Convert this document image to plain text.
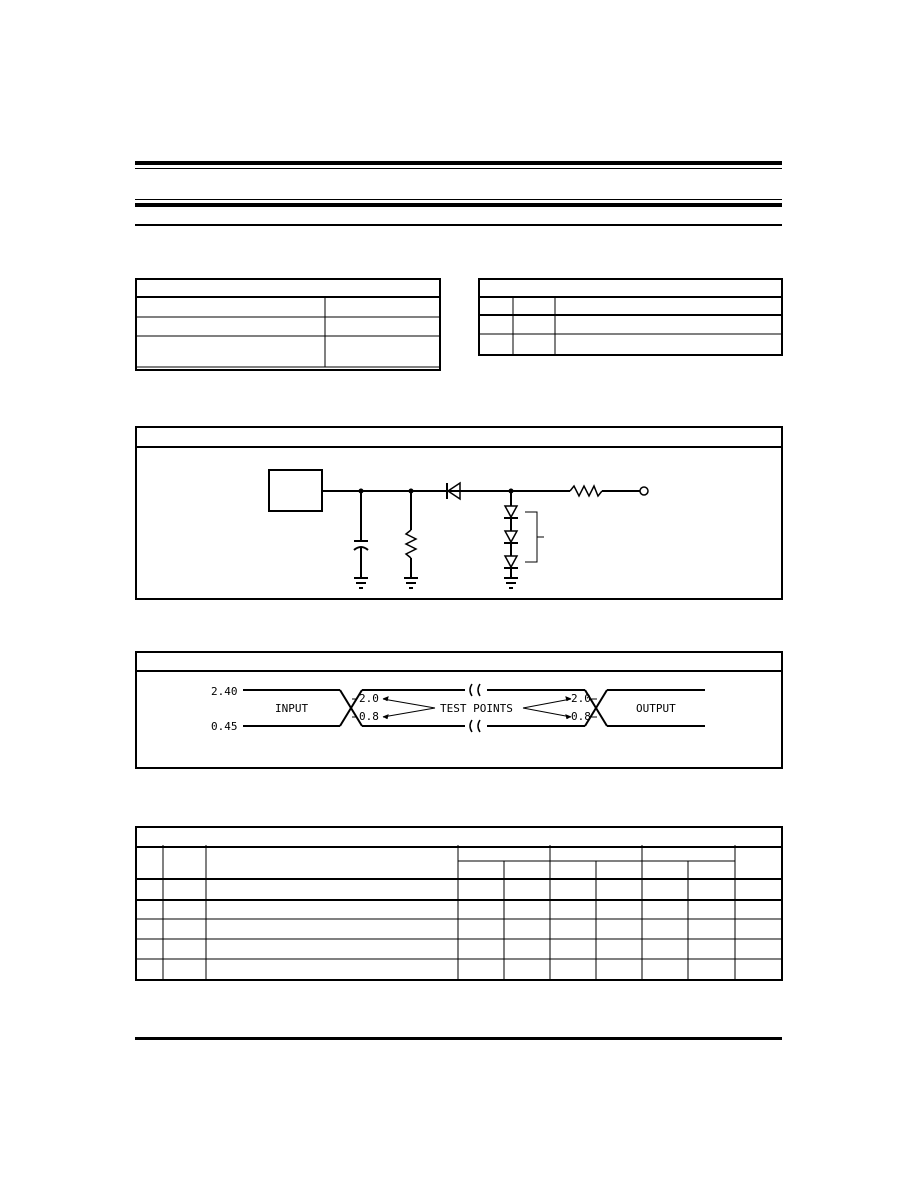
2.40
0.45
INPUT	OUTPUT
TEST POINTS
2.0
0.8
2.0
0.8
